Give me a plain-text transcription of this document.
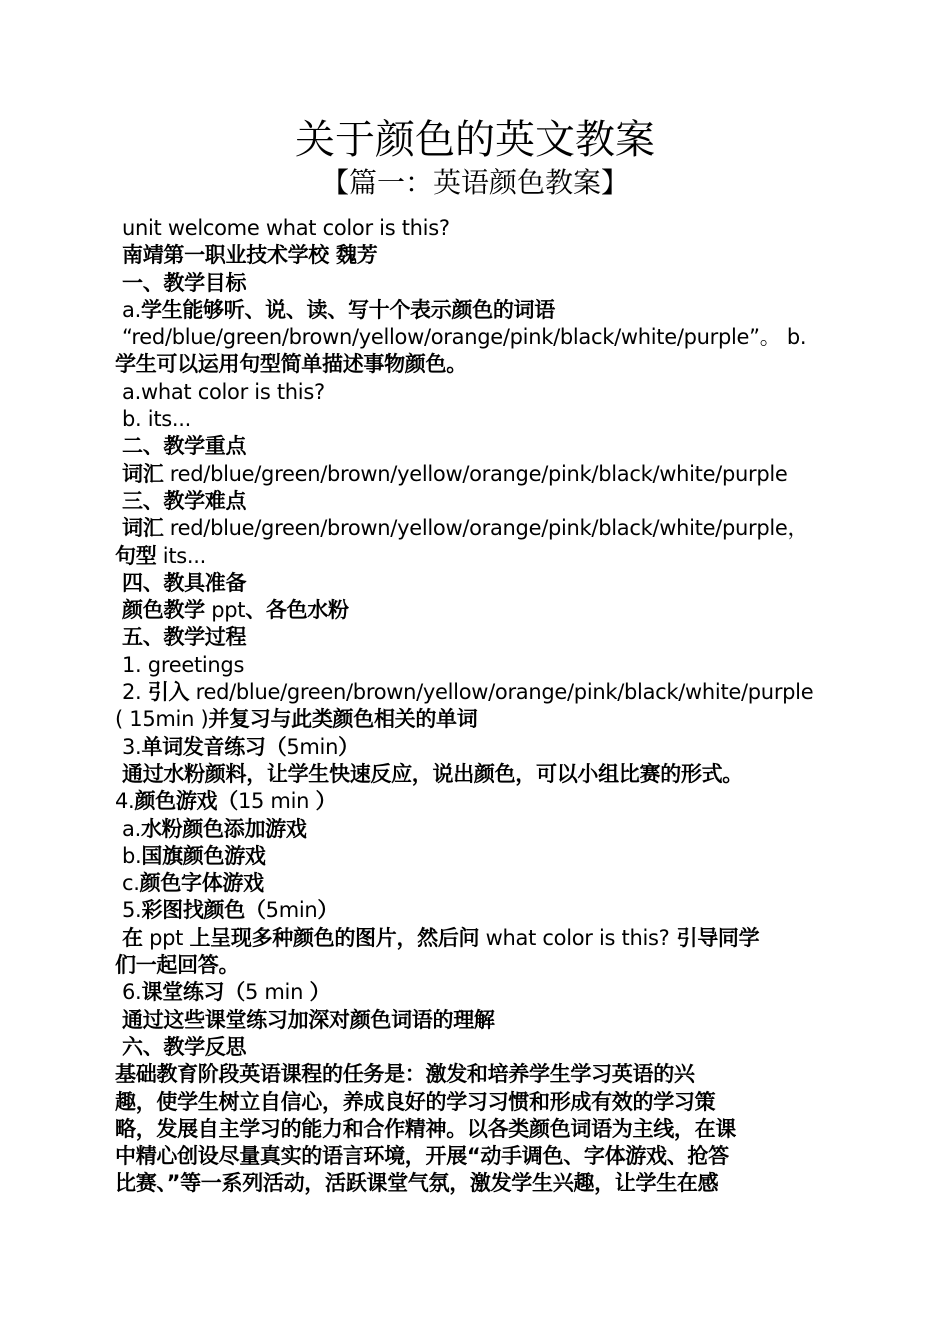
关于颜色的英文教案
【篇一：英语颜色教案】

unit welcome what color is this?

南靖第一职业技术学校 魏芳

一、教学目标

a.学生能够听、说、读、写十个表示颜色的词语

“red/blue/green/brown/yellow/orange/pink/black/white/purple”。 b.

学生可以运用句型简单描述事物颜色。

a.what color is this?

b. its...

二、教学重点

词汇 red/blue/green/brown/yellow/orange/pink/black/white/purple

三、教学难点

词汇 red/blue/green/brown/yellow/orange/pink/black/white/purple，

句型 its...

四、教具准备

颜色教学 ppt、各色水粉

五、教学过程

1. greetings

2. 引入 red/blue/green/brown/yellow/orange/pink/black/white/purple

( 15min )并复习与此类颜色相关的单词

3.单词发音练习（5min）

通过水粉颜料，让学生快速反应，说出颜色，可以小组比赛的形式。

4.颜色游戏（15 min ）

a.水粉颜色添加游戏

b.国旗颜色游戏

c.颜色字体游戏

5.彩图找颜色（5min）

在 ppt 上呈现多种颜色的图片，然后问 what color is this? 引导同学

们一起回答。

6.课堂练习（5 min ）

通过这些课堂练习加深对颜色词语的理解

六、教学反思

基础教育阶段英语课程的任务是：激发和培养学生学习英语的兴

趣，使学生树立自信心，养成良好的学习习惯和形成有效的学习策

略，发展自主学习的能力和合作精神。以各类颜色词语为主线，在课

中精心创设尽量真实的语言环境，开展“动手调色、字体游戏、抢答

比赛、”等一系列活动，活跃课堂气氛，激发学生兴趣，让学生在感
